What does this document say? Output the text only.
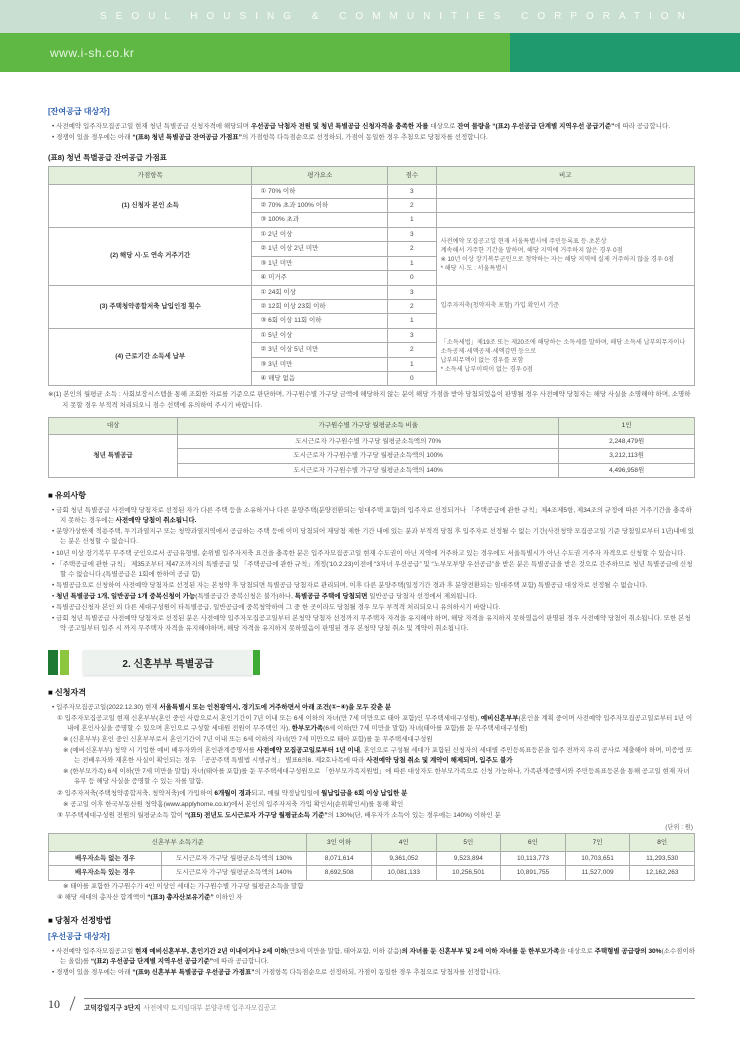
SEOUL HOUSING & COMMUNITIES CORPORATION
www.i-sh.co.kr
[잔여공급 대상자]
• 사전예약 입주자모집공고일 현재 청년 특별공급 신청자격에 해당되며 우선공급 낙첨자 전원 및 청년 특별공급 신청자격을 충족한 자를 대상으로 잔여 물량을 “(표2) 우선공급 단계별 지역우선 공급기준”에 따라 공급합니다.
• 경쟁이 있을 경우에는 아래 “(표8) 청년 특별공급 잔여공급 가점표”의 가점항목 다득점순으로 선정하되, 가점이 동일한 경우 추첨으로 당첨자를 선정합니다.
(표8) 청년 특별공급 잔여공급 가점표
가점항목	평가요소	점수	비고
(1) 신청자 본인 소득	① 70% 이하	3	
	② 70% 초과 100% 이하	2	
	③ 100% 초과	1	
(2) 해당 시·도 연속 거주기간	① 2년 이상	3	사전예약 모집공고일 현재 서울특별시에 주민등록표 등·초본상
계속해서 거주한 기간을 말하며, 해당 지역에 거주하지 않은 경우 0점
※ 10년 이상 장기복무군인으로 청약하는 자는 해당 지역에 실제 거주하지 않을 경우 0점
* 해당 시·도 : 서울특별시
	② 1년 이상 2년 미만	2	
	③ 1년 미만	1	
	④ 미거주	0	
(3) 주택청약종합저축 납입인정 횟수	① 24회 이상	3	입주자저축(청약저축 포함) 가입 확인서 기준
	② 12회 이상 23회 이하	2	
	③ 6회 이상 11회 이하	1	
(4) 근로기간 소득세 납부	① 5년 이상	3	「소득세법」제19조 또는 제20조에 해당하는 소득세를 말하며, 해당 소득세 납부의무자이나 소득공제·세액공제·세액감면 등으로
납부의무액이 없는 경우를 포함
* 소득세 납부이력이 없는 경우 0점
	② 3년 이상 5년 미만	2	
	③ 3년 미만	1	
	④ 해당 없음	0	
※(1) 본인의 월평균 소득 : 사회보장시스템을 통해 조회한 자료를 기준으로 판단하며, 가구원수별 가구당 금액에 해당하지 않는 분이 해당 가점을 받아 당첨되었음이 판명될 경우 사전예약 당첨자는 해당 사실을 소명해야 하며, 소명하지 못할 경우 부적격 처리되오니 점수 선택에 유의하여 주시기 바랍니다.
대상	가구원수별 가구당 월평균소득 비율	1인
청년 특별공급	도시근로자 가구원수별 가구당 월평균소득액의 70%	2,248,479원
	도시근로자 가구원수별 가구당 월평균소득액의 100%	3,212,113원
	도시근로자 가구원수별 가구당 월평균소득액의 140%	4,496,958원
■ 유의사항
• 금회 청년 특별공급 사전예약 당첨자로 선정된 자가 다른 주택 등을 소유하거나 다른 분양주택(분양전환되는 임대주택 포함)의 입주자로 선정되거나 「주택공급에 관한 규칙」제4조제5항, 제34조의 규정에 따른 거주기간을 충족하지 못하는 경우에는 사전예약 당첨이 취소됩니다.
• 분양가상한제 적용주택, 투기과열지구 또는 청약과열지역에서 공급하는 주택 등에 이미 당첨되어 재당첨 제한 기간 내에 있는 분과 부적격 당첨 후 입주자로 선정될 수 없는 기간(사전청약 모집공고일 기준 당첨일로부터 1년)내에 있는 분은 신청할 수 없습니다.
• 10년 이상 장기복무 무주택 군인으로서 공급유형별, 순위별 입주자저축 요건을 충족한 분은 입주자모집공고일 현재 수도권이 아닌 지역에 거주하고 있는 경우에도 서울특별시가 아닌 수도권 거주자 자격으로 신청할 수 있습니다.
• 「주택공급에 관한 규칙」 제35조부터 제47조까지의 특별공급 및 「주택공급에 관한 규칙」개정('10.2.23)이전에 “3자녀 우선공급” 및 “노부모부양 우선공급”을 받은 분은 특별공급을 받은 것으로 간주하므로 청년 특별공급에 신청할 수 없습니다.(특별공급은 1회에 한하여 공급 함)
• 특별공급으로 신청하여 사전예약 당첨자로 선정된 자는 본청약 후 당첨되면 특별공급 당첨자로 관리되며, 이후 다른 분양주택(일정기간 경과 후 분양전환되는 임대주택 포함) 특별공급 대상자로 선정될 수 없습니다.
• 청년 특별공급 1개, 일반공급 1개 중복신청이 가능(특별공급간 중복신청은 불가)하나, 특별공급 주택에 당첨되면 일반공급 당첨자 선정에서 제외됩니다.
• 특별공급신청자 본인 외 다른 세대구성원이 타특별공급, 일반공급에 중복청약하여 그 중 한 곳이라도 당첨될 경우 모두 부적격 처리되오니 유의하시기 바랍니다.
• 금회 청년 특별공급 사전예약 당첨자로 선정된 분은 사전예약 입주자모집공고일부터 본청약 당첨자 선정까지 무주택자 자격을 유지해야 하며, 해당 자격을 유지하지 못하였음이 판명된 경우 사전예약 당첨이 취소됩니다. 또한 본청약 공고일부터 입주 시 까지 무주택자 자격을 유지해야하며, 해당 자격을 유지하지 못하였음이 판명된 경우 본청약 당첨 취소 및 계약이 취소됩니다.
2. 신혼부부 특별공급
■ 신청자격
• 입주자모집공고일(2022.12.30) 현재 서울특별시 또는 인천광역시, 경기도에 거주하면서 아래 조건(①~④)을 모두 갖춘 분
① 입주자모집공고일 현재 신혼부부(혼인 중인 사람으로서 혼인기간이 7년 이내 또는 6세 이하의 자녀(만 7세 미만으로 태아 포함)인 무주택세대구성원), 예비신혼부부(혼인을 계획 중이며 사전예약 입주자모집공고일로부터 1년 이내에 혼인사실을 증명할 수 있으며 혼인으로 구성할 세대원 전원이 무주택인 자), 한부모가족(6세 이하(만 7세 미만을 말함) 자녀(태아를 포함)를 둔 무주택세대구성원)
※ (신혼부부) 혼인 중인 신혼부부로서 혼인기간이 7년 이내 또는 6세 이하의 자녀(만 7세 미만으로 태아 포함)를 둔 무주택세대구성원
※ (예비신혼부부) 청약 시 기입한 예비 배우자와의 혼인관계증명서를 사전예약 모집공고일로부터 1년 이내, 혼인으로 구성될 세대가 포함된 신청자의 세대별 주민등록표등본을 입주 전까지 우리 공사로 제출해야 하며, 미증빙 또는 전배우자와 재혼한 사실이 확인되는 경우 「공공주택 특별법 시행규칙」 별표6의6. 제2호나목에 따라 사전예약 당첨 취소 및 계약이 해제되며, 입주도 불가
※ (한부모가족) 6세 이하(만 7세 미만을 말함) 자녀(태아를 포함)를 둔 무주택세대구성원으로 「한부모가족지원법」에 따른 대상자도 한부모가족으로 신청 가능하나, 가족관계증명서와 주민등록표등본을 통해 공고일 현재 자녀 유무 등 해당 사실을 증명할 수 있는 자를 말함.
② 입주자저축(주택청약종합저축, 청약저축)에 가입하여 6개월이 경과되고, 매월 약정납입일에 월납입금을 6회 이상 납입한 분
※ 공고일 이후 한국부동산원 청약홈(www.applyhome.co.kr)에서 본인의 입주자저축 가입 확인서(순위확인서)를 통해 확인
③ 무주택세대구성원 전원의 월평균소득 합이 “(표5) 전년도 도시근로자 가구당 월평균소득 기준”의 130%(단, 배우자가 소득이 있는 경우에는 140%) 이하인 분
(단위 : 원)
신혼부부 소득기준		3인 이하	4인	5인	6인	7인	8인
배우자소득 없는 경우	도시근로자 가구당 월평균소득액의 130%	8,071,614	9,361,052	9,523,894	10,113,773	10,703,651	11,293,530
배우자소득 있는 경우	도시근로자 가구당 월평균소득액의 140%	8,692,508	10,081,133	10,256,501	10,891,755	11,527,009	12,162,263
※ 태아를 포함한 가구원수가 4인 이상인 세대는 가구원수별 가구당 월평균소득을 말함
④ 해당 세대의 총자산 합계액이 “(표3) 총자산보유기준” 이하인 자
■ 당첨자 선정방법
[우선공급 대상자]
• 사전예약 입주자모집공고일 현재 예비신혼부부, 혼인기간 2년 이내이거나 2세 이하(만3세 미만을 말함, 태아포함, 이하 같음)의 자녀를 둔 신혼부부 및 2세 이하 자녀를 둔 한부모가족을 대상으로 주택형별 공급량의 30%(소수점이하는 올림)를 “(표2) 우선공급 단계별 지역우선 공급기준”에 따라 공급합니다.
• 경쟁이 있을 경우에는 아래 “(표9) 신혼부부 특별공급 우선공급 가점표”의 가점항목 다득점순으로 선정하되, 가점이 동일한 경우 추첨으로 당첨자를 선정합니다.
10	고덕강일지구 3단지 사전예약 토지임대부 분양주택 입주자모집공고
